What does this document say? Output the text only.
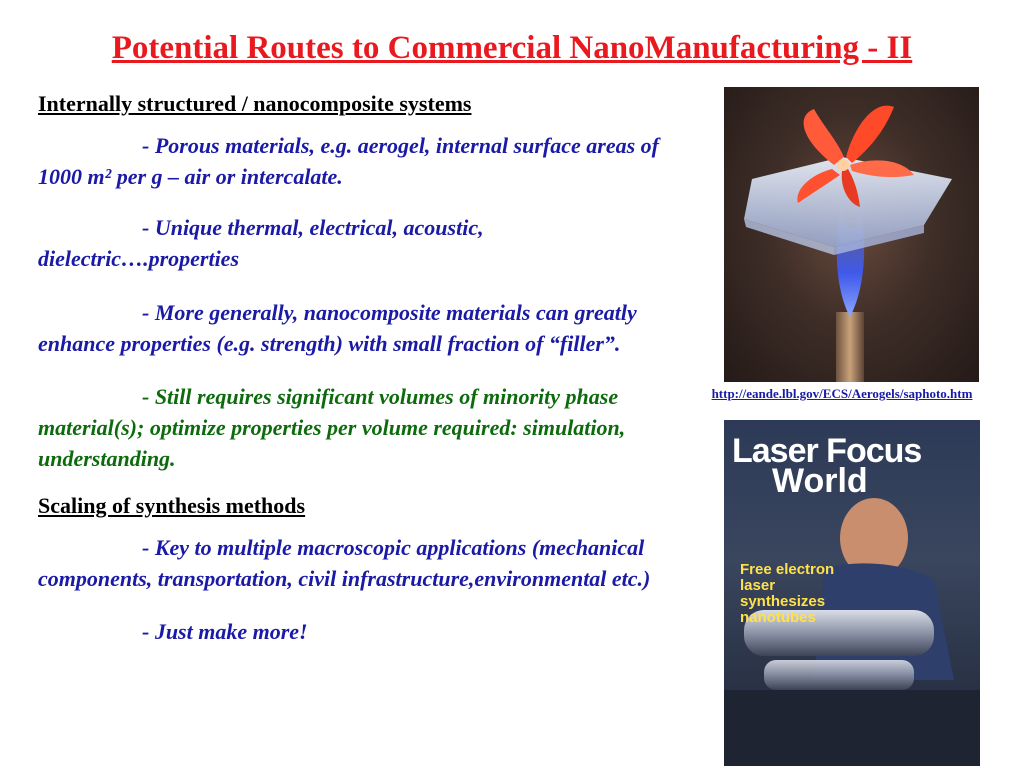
Potential Routes to Commercial NanoManufacturing - II

Internally structured / nanocomposite systems

- Porous materials, e.g. aerogel, internal surface areas of 1000 m² per g – air or intercalate.

- Unique thermal, electrical, acoustic, dielectric….properties

- More generally, nanocomposite materials can greatly enhance properties (e.g. strength) with small fraction of “filler”.

- Still requires significant volumes of minority phase material(s); optimize properties per volume required: simulation, understanding.

Scaling of synthesis methods

- Key to multiple macroscopic applications (mechanical components, transportation, civil infrastructure,environmental etc.)

- Just make more!

http://eande.lbl.gov/ECS/Aerogels/saphoto.htm
Laser Focus
World
Free electron laser synthesizes nanotubes
